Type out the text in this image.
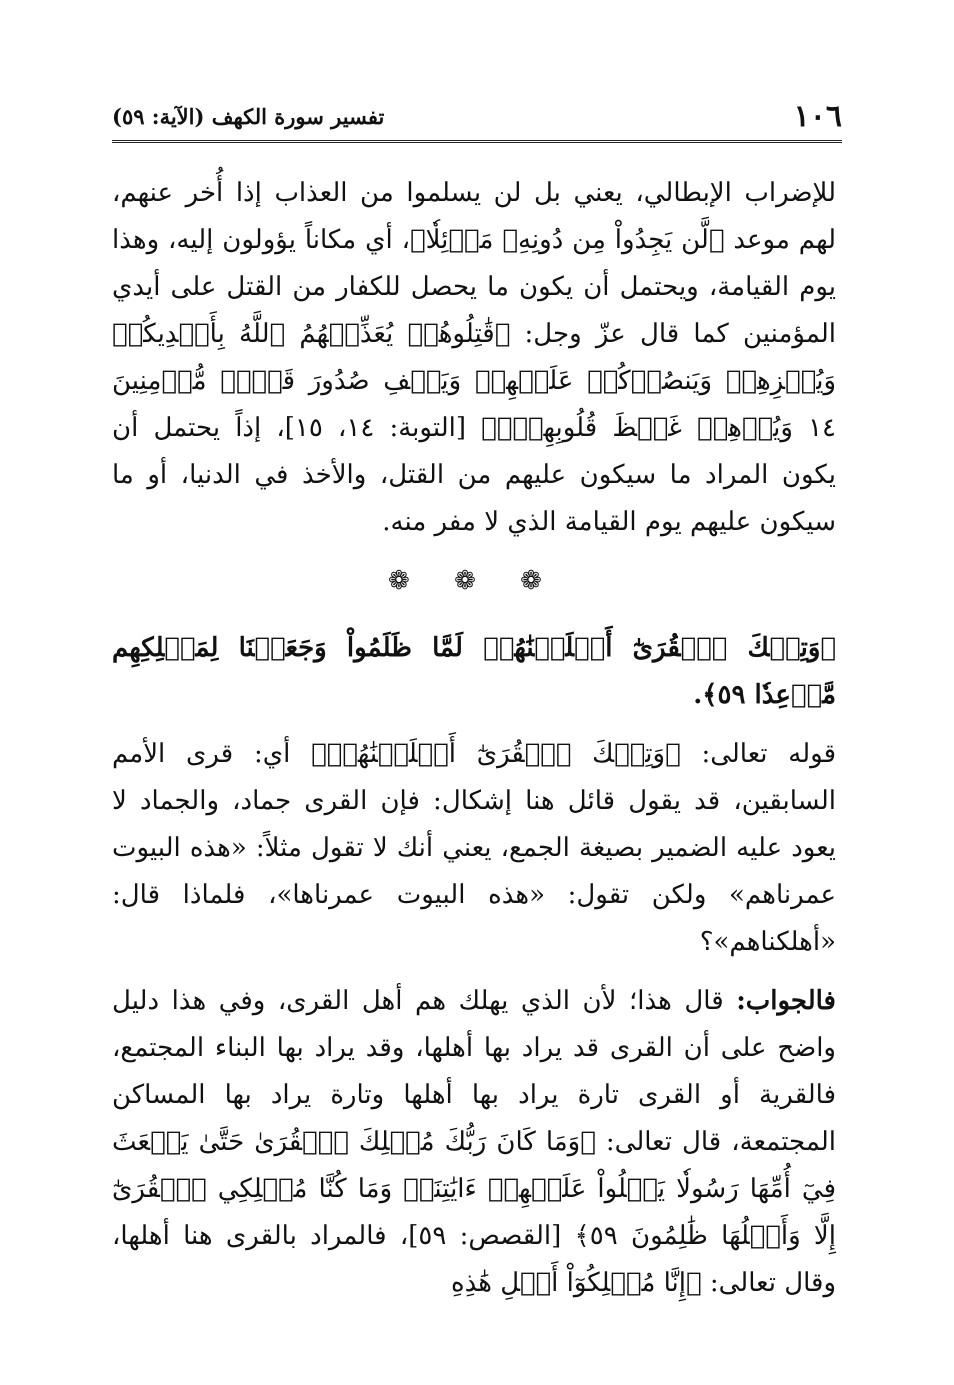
١٠٦
تفسير سورة الكهف (الآية: ٥٩)

للإضراب الإبطالي، يعني بل لن يسلموا من العذاب إذا أُخر عنهم، لهم موعد ﴿لَّن يَجِدُواْ مِن دُونِهِۦ مَوۡئِلٗا﴾، أي مكاناً يؤولون إليه، وهذا يوم القيامة، ويحتمل أن يكون ما يحصل للكفار من القتل على أيدي المؤمنين كما قال عزّ وجل: ﴿قَٰتِلُوهُمۡ يُعَذِّبۡهُمُ ٱللَّهُ بِأَيۡدِيكُمۡ وَيُخۡزِهِمۡ وَيَنصُرۡكُمۡ عَلَيۡهِمۡ وَيَشۡفِ صُدُورَ قَوۡمٖ مُّؤۡمِنِينَ ١٤ وَيُذۡهِبۡ غَيۡظَ قُلُوبِهِمۡۗ﴾ [التوبة: ١٤، ١٥]، إذاً يحتمل أن يكون المراد ما سيكون عليهم من القتل، والأخذ في الدنيا، أو ما سيكون عليهم يوم القيامة الذي لا مفر منه.

❁ ❁ ❁

﴿وَتِلۡكَ ٱلۡقُرَىٰٓ أَهۡلَكۡنَٰهُمۡ لَمَّا ظَلَمُواْ وَجَعَلۡنَا لِمَهۡلِكِهِم مَّوۡعِدٗا ٥٩﴾.

قوله تعالى: ﴿وَتِلۡكَ ٱلۡقُرَىٰٓ أَهۡلَكۡنَٰهُمۡ﴾ أي: قرى الأمم السابقين، قد يقول قائل هنا إشكال: فإن القرى جماد، والجماد لا يعود عليه الضمير بصيغة الجمع، يعني أنك لا تقول مثلاً: «هذه البيوت عمرناهم» ولكن تقول: «هذه البيوت عمرناها»، فلماذا قال: «أهلكناهم»؟

فالجواب: قال هذا؛ لأن الذي يهلك هم أهل القرى، وفي هذا دليل واضح على أن القرى قد يراد بها أهلها، وقد يراد بها البناء المجتمع، فالقرية أو القرى تارة يراد بها أهلها وتارة يراد بها المساكن المجتمعة، قال تعالى: ﴿وَمَا كَانَ رَبُّكَ مُهۡلِكَ ٱلۡقُرَىٰ حَتَّىٰ يَبۡعَثَ فِيٓ أُمِّهَا رَسُولٗا يَتۡلُواْ عَلَيۡهِمۡ ءَايَٰتِنَاۚ وَمَا كُنَّا مُهۡلِكِي ٱلۡقُرَىٰٓ إِلَّا وَأَهۡلُهَا ظَٰلِمُونَ ٥٩﴾ [القصص: ٥٩]، فالمراد بالقرى هنا أهلها، وقال تعالى: ﴿إِنَّا مُهۡلِكُوٓاْ أَهۡلِ هَٰذِهِ
